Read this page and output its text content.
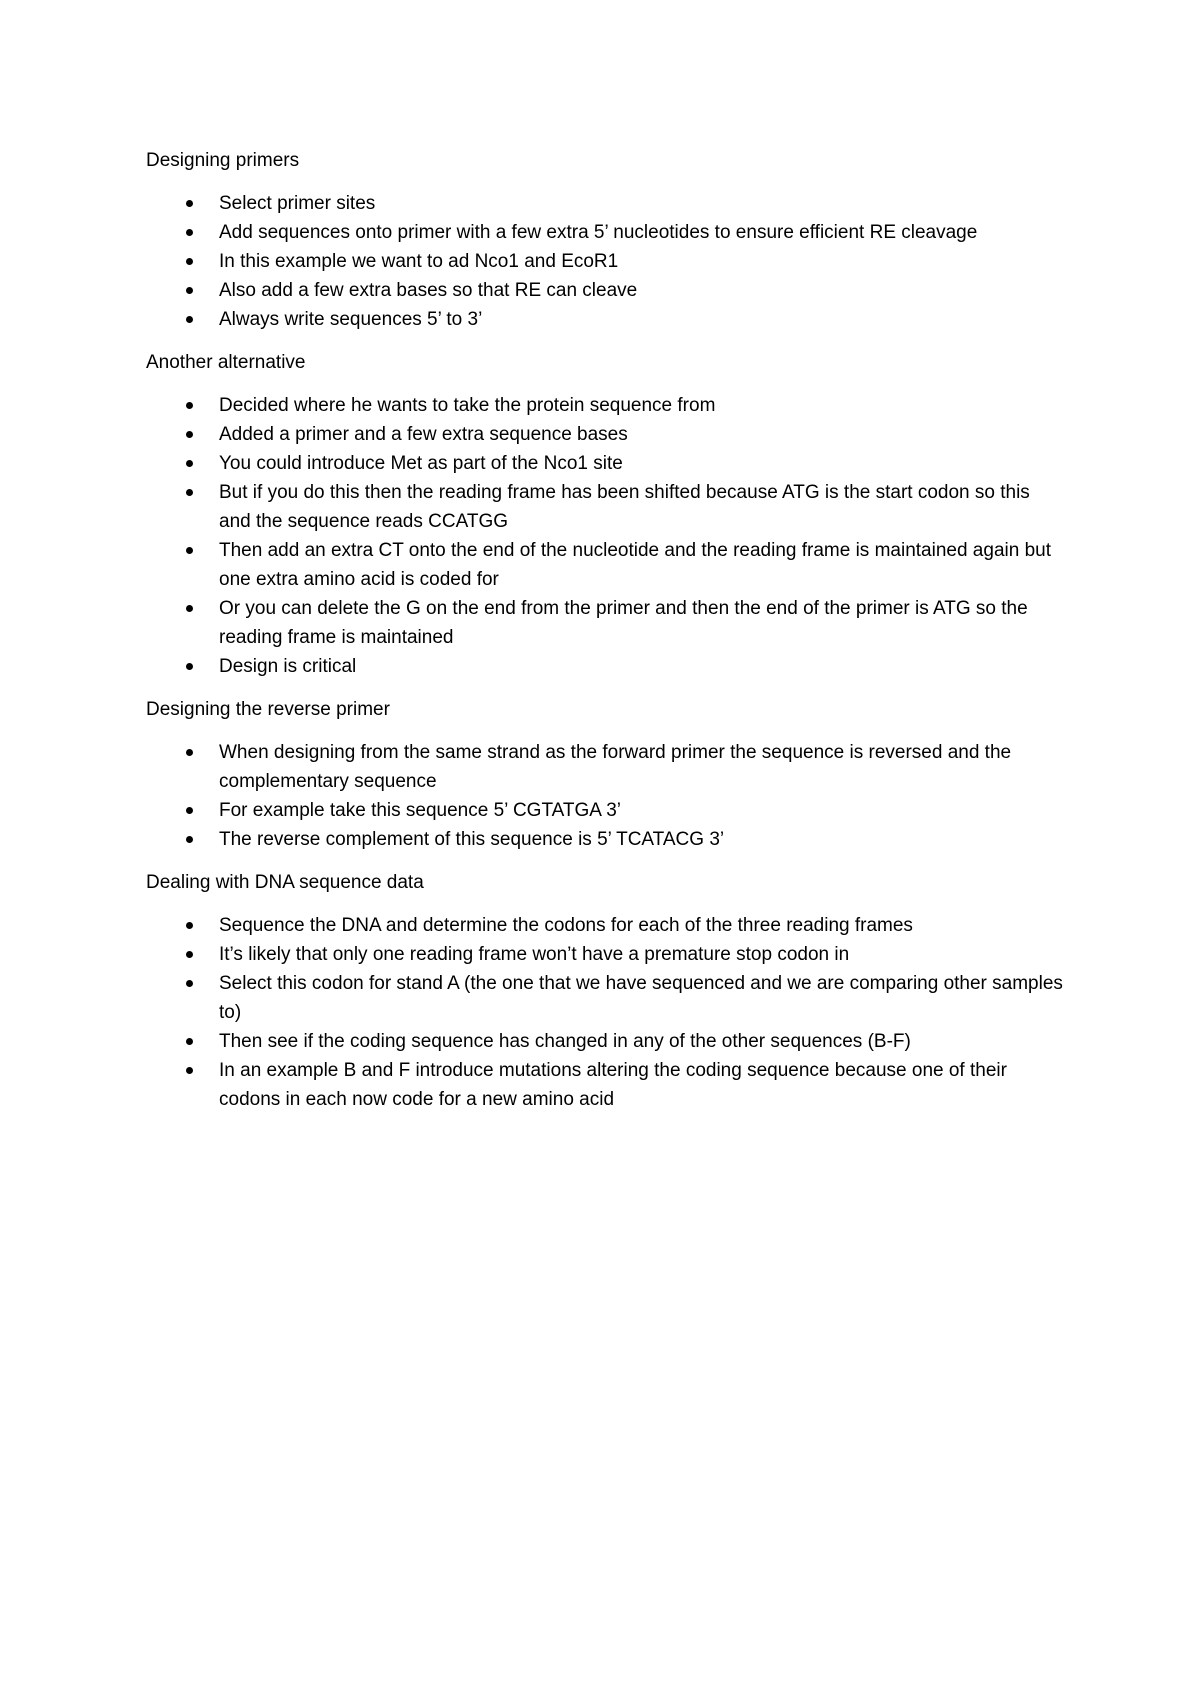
Designing primers
Select primer sites
Add sequences onto primer with a few extra 5’ nucleotides to ensure efficient RE cleavage
In this example we want to ad Nco1 and EcoR1
Also add a few extra bases so that RE can cleave
Always write sequences 5’ to 3’
Another alternative
Decided where he wants to take the protein sequence from
Added a primer and a few extra sequence bases
You could introduce Met as part of the Nco1 site
But if you do this then the reading frame has been shifted because ATG is the start codon so this and the sequence reads CCATGG
Then add an extra CT onto the end of the nucleotide and the reading frame is maintained again but one extra amino acid is coded for
Or you can delete the G on the end from the primer and then the end of the primer is ATG so the reading frame is maintained
Design is critical
Designing the reverse primer
When designing from the same strand as the forward primer the sequence is reversed and the complementary sequence
For example take this sequence 5’ CGTATGA 3’
The reverse complement of this sequence is 5’ TCATACG 3’
Dealing with DNA sequence data
Sequence the DNA and determine the codons for each of the three reading frames
It’s likely that only one reading frame won’t have a premature stop codon in
Select this codon for stand A (the one that we have sequenced and we are comparing other samples to)
Then see if the coding sequence has changed in any of the other sequences (B-F)
In an example B and F introduce mutations altering the coding sequence because one of their codons in each now code for a new amino acid
